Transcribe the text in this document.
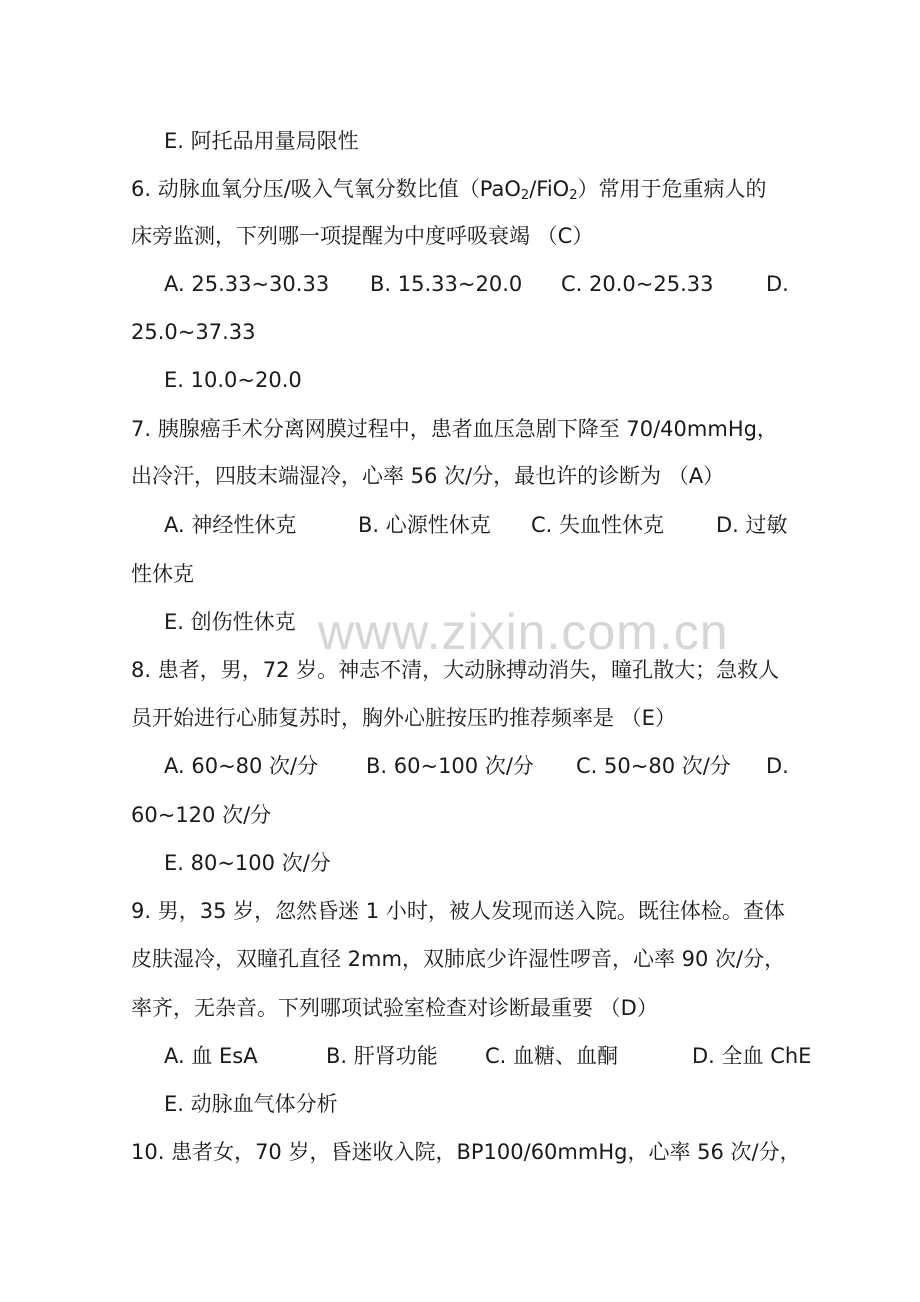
E. 阿托品用量局限性
6. 动脉血氧分压/吸入气氧分数比值（PaO$_2$/FiO$_2$）常用于危重病人的
床旁监测，下列哪一项提醒为中度呼吸衰竭 （C）
A. 25.33~30.33 B. 15.33~20.0 C. 20.0~25.33	D.
25.0~37.33
E. 10.0~20.0
7. 胰腺癌手术分离网膜过程中，患者血压急剧下降至 70/40mmHg，
出冷汗，四肢末端湿冷，心率 56 次/分，最也许的诊断为 （A）
A. 神经性休克	B. 心源性休克 C. 失血性休克 D. 过敏
性休克
E. 创伤性休克
8. 患者，男，72 岁。神志不清，大动脉搏动消失，瞳孔散大；急救人
员开始进行心肺复苏时，胸外心脏按压旳推荐频率是 （E）
A. 60~80 次/分 B. 60~100 次/分 C. 50~80 次/分 D.
60~120 次/分
E. 80~100 次/分
9. 男，35 岁，忽然昏迷 1 小时，被人发现而送入院。既往体检。查体
皮肤湿冷，双瞳孔直径 2mm，双肺底少许湿性啰音，心率 90 次/分，
率齐，无杂音。下列哪项试验室检查对诊断最重要 （D）
A. 血 EsA	B. 肝肾功能 C. 血糖、血酮	D. 全血 ChE
E. 动脉血气体分析
10. 患者女，70 岁，昏迷收入院，BP100/60mmHg，心率 56 次/分，
www.zixin.com.cn
